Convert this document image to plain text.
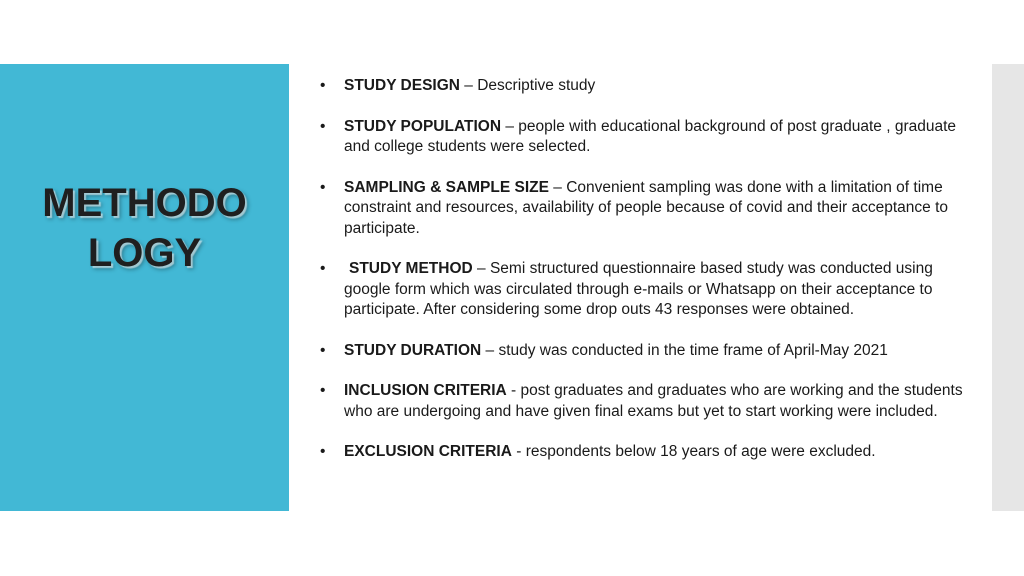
METHODO
LOGY
•	STUDY DESIGN – Descriptive study
•	STUDY POPULATION – people with educational background of post graduate , graduate and college students were selected.
•	SAMPLING & SAMPLE SIZE – Convenient sampling was done with a limitation of time constraint and resources, availability of people because of covid and their acceptance to participate.
•	STUDY METHOD – Semi structured questionnaire based study was conducted using google form which was circulated through e-mails or Whatsapp on their acceptance to participate. After considering some drop outs 43 responses were obtained.
•	STUDY DURATION – study was conducted in the time frame of April-May 2021
•	INCLUSION CRITERIA - post graduates and graduates who are working and the students who are undergoing and have given final exams but yet to start working were included.
•	EXCLUSION CRITERIA - respondents below 18 years of age were excluded.
